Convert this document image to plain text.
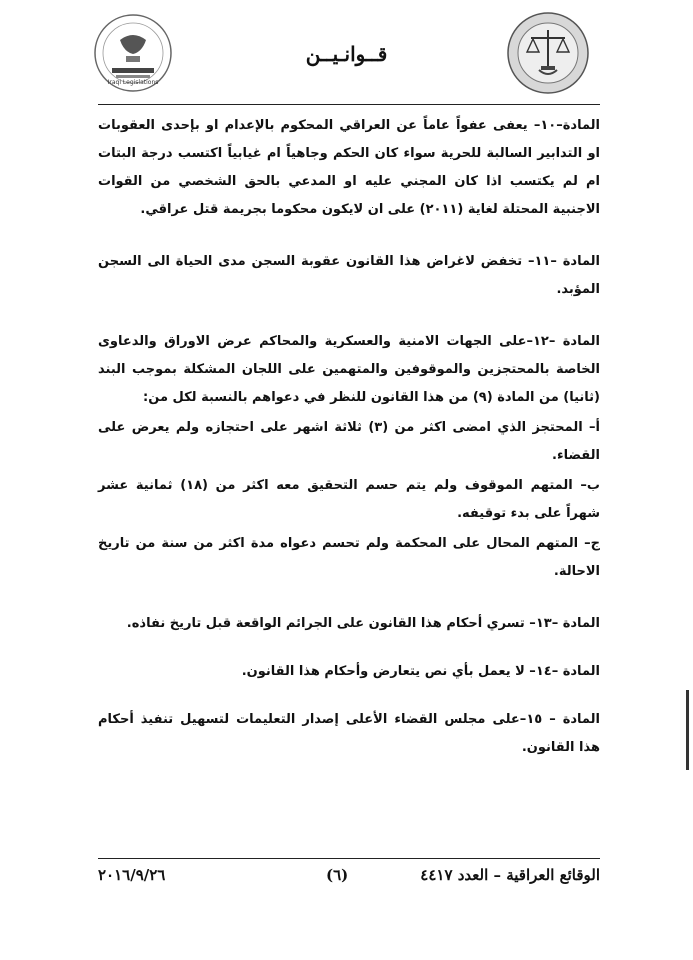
Iraqi Legislations
قــوانـيــن

المادة–١٠– يعفى عفواً عاماً عن العراقي المحكوم بالإعدام او بإحدى العقوبات او التدابير السالبة للحرية سواء كان الحكم وجاهياً ام غيابياً اكتسب درجة البتات ام لم يكتسب اذا كان المجني عليه او المدعي بالحق الشخصي من القوات الاجنبية المحتلة لغاية (٢٠١١) على ان لايكون محكوما بجريمة قتل عراقي.

المادة –١١– تخفض لاغراض هذا القانون عقوبة السجن مدى الحياة الى السجن المؤبد.

المادة –١٢–على الجهات الامنية والعسكرية والمحاكم عرض الاوراق والدعاوى الخاصة بالمحتجزين والموقوفين والمتهمين على اللجان المشكلة بموجب البند (ثانيا) من المادة (٩) من هذا القانون للنظر في دعواهم بالنسبة لكل من:

أ– المحتجز الذي امضى اكثر من (٣) ثلاثة اشهر على احتجازه ولم يعرض على القضاء.

ب– المتهم الموقوف ولم يتم حسم التحقيق معه اكثر من (١٨) ثمانية عشر شهراً على بدء توقيفه.

ج– المتهم المحال على المحكمة ولم تحسم دعواه مدة اكثر من سنة من تاريخ الاحالة.

المادة –١٣– تسري أحكام هذا القانون على الجرائم الواقعة قبل تاريخ نفاذه.

المادة –١٤– لا يعمل بأي نص يتعارض وأحكام هذا القانون.

المادة – ١٥–على مجلس القضاء الأعلى إصدار التعليمات لتسهيل تنفيذ أحكام هذا القانون.

٢٠١٦/٩/٢٦	(٦)	الوقائع العراقية – العدد ٤٤١٧
